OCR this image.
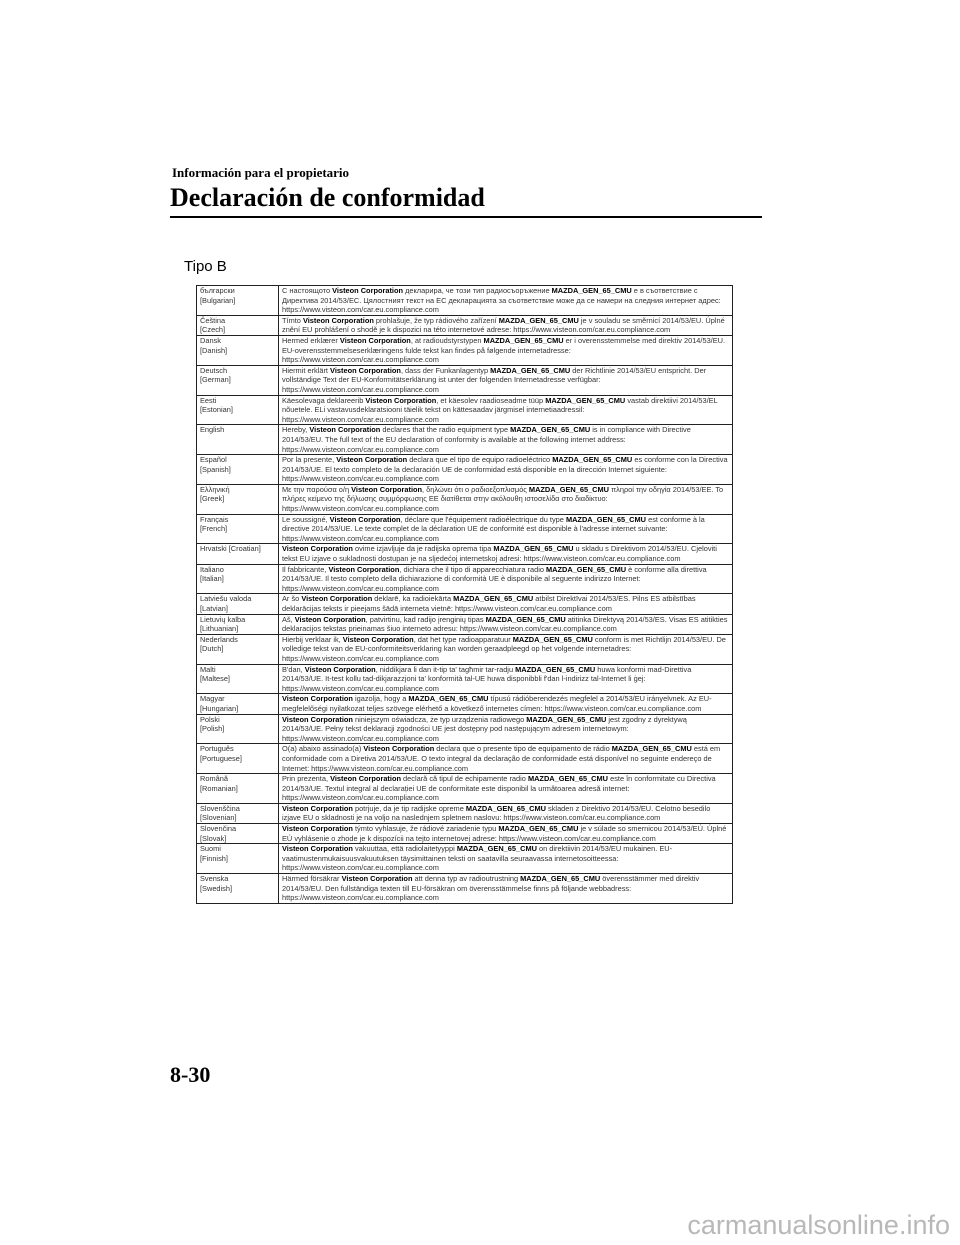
Información para el propietario
Declaración de conformidad
Tipo B
български
[Bulgarian]	С настоящото Visteon Corporation декларира, че този тип радиосъоръжение MAZDA_GEN_65_CMU е в съответствие с Директива 2014/53/ЕС. Цялостният текст на ЕС декларацията за съответствие може да се намери на следния интернет адрес: https://www.visteon.com/car.eu.compliance.com

Čeština
[Czech]	Tímto Visteon Corporation prohlašuje, že typ rádiového zařízení MAZDA_GEN_65_CMU je v souladu se směrnicí 2014/53/EU. Úplné znění EU prohlášení o shodě je k dispozici na této internetové adrese: https://www.visteon.com/car.eu.compliance.com

Dansk
[Danish]	Hermed erklærer Visteon Corporation, at radioudstyrstypen MAZDA_GEN_65_CMU er i overensstemmelse med direktiv 2014/53/EU. EU-overensstemmelseserklæringens fulde tekst kan findes på følgende internetadresse: https://www.visteon.com/car.eu.compliance.com

Deutsch
[German]	Hiermit erklärt Visteon Corporation, dass der Funkanlagentyp MAZDA_GEN_65_CMU der Richtlinie 2014/53/EU entspricht. Der vollständige Text der EU-Konformitätserklärung ist unter der folgenden Internetadresse verfügbar: https://www.visteon.com/car.eu.compliance.com

Eesti
[Estonian]	Käesolevaga deklareerib Visteon Corporation, et käesolev raadioseadme tüüp MAZDA_GEN_65_CMU vastab direktiivi 2014/53/EL nõuetele. ELi vastavusdeklaratsiooni täielik tekst on kättesaadav järgmisel internetiaadressil: https://www.visteon.com/car.eu.compliance.com

English	Hereby, Visteon Corporation declares that the radio equipment type MAZDA_GEN_65_CMU is in compliance with Directive 2014/53/EU. The full text of the EU declaration of conformity is available at the following internet address: https://www.visteon.com/car.eu.compliance.com

Español
[Spanish]	Por la presente, Visteon Corporation declara que el tipo de equipo radioeléctrico MAZDA_GEN_65_CMU es conforme con la Directiva 2014/53/UE. El texto completo de la declaración UE de conformidad está disponible en la dirección Internet siguiente: https://www.visteon.com/car.eu.compliance.com

Ελληνική
[Greek]	Με την παρούσα ο/η Visteon Corporation, δηλώνει ότι ο ραδιοεξοπλισμός MAZDA_GEN_65_CMU πληροί την οδηγία 2014/53/ΕΕ. Το πλήρες κείμενο της δήλωσης συμμόρφωσης ΕΕ διατίθεται στην ακόλουθη ιστοσελίδα στο διαδίκτυο: https://www.visteon.com/car.eu.compliance.com

Français
[French]	Le soussigné, Visteon Corporation, déclare que l'équipement radioélectrique du type MAZDA_GEN_65_CMU est conforme à la directive 2014/53/UE. Le texte complet de la déclaration UE de conformité est disponible à l'adresse internet suivante: https://www.visteon.com/car.eu.compliance.com

Hrvatski [Croatian]	Visteon Corporation ovime izjavljuje da je radijska oprema tipa MAZDA_GEN_65_CMU u skladu s Direktivom 2014/53/EU. Cjeloviti tekst EU izjave o sukladnosti dostupan je na sljedećoj internetskoj adresi: https://www.visteon.com/car.eu.compliance.com

Italiano
[Italian]	Il fabbricante, Visteon Corporation, dichiara che il tipo di apparecchiatura radio MAZDA_GEN_65_CMU è conforme alla direttiva 2014/53/UE. Il testo completo della dichiarazione di conformità UE è disponibile al seguente indirizzo Internet: https://www.visteon.com/car.eu.compliance.com

Latviešu valoda
[Latvian]	Ar šo Visteon Corporation deklarē, ka radioiekārta MAZDA_GEN_65_CMU atbilst Direktīvai 2014/53/ES. Pilns ES atbilstības deklarācijas teksts ir pieejams šādā interneta vietnē: https://www.visteon.com/car.eu.compliance.com

Lietuvių kalba
[Lithuanian]	Aš, Visteon Corporation, patvirtinu, kad radijo įrenginių tipas MAZDA_GEN_65_CMU atitinka Direktyvą 2014/53/ES. Visas ES atitikties deklaracijos tekstas prieinamas šiuo interneto adresu: https://www.visteon.com/car.eu.compliance.com

Nederlands
[Dutch]	Hierbij verklaar ik, Visteon Corporation, dat het type radioapparatuur MAZDA_GEN_65_CMU conform is met Richtlijn 2014/53/EU. De volledige tekst van de EU-conformiteitsverklaring kan worden geraadpleegd op het volgende internetadres: https://www.visteon.com/car.eu.compliance.com

Malti
[Maltese]	B'dan, Visteon Corporation, niddikjara li dan it-tip ta' tagħmir tar-radju MAZDA_GEN_65_CMU huwa konformi mad-Direttiva 2014/53/UE. It-test kollu tad-dikjarazzjoni ta' konformità tal-UE huwa disponibbli f'dan l-indirizz tal-Internet li ġej: https://www.visteon.com/car.eu.compliance.com

Magyar
[Hungarian]	Visteon Corporation igazolja, hogy a MAZDA_GEN_65_CMU típusú rádióberendezés megfelel a 2014/53/EU irányelvnek. Az EU-megfelelőségi nyilatkozat teljes szövege elérhető a következő internetes címen: https://www.visteon.com/car.eu.compliance.com

Polski
[Polish]	Visteon Corporation niniejszym oświadcza, że typ urządzenia radiowego MAZDA_GEN_65_CMU jest zgodny z dyrektywą 2014/53/UE. Pełny tekst deklaracji zgodności UE jest dostępny pod następującym adresem internetowym: https://www.visteon.com/car.eu.compliance.com

Português
[Portuguese]	O(a) abaixo assinado(a) Visteon Corporation declara que o presente tipo de equipamento de rádio MAZDA_GEN_65_CMU está em conformidade com a Diretiva 2014/53/UE. O texto integral da declaração de conformidade está disponível no seguinte endereço de Internet: https://www.visteon.com/car.eu.compliance.com

Română
[Romanian]	Prin prezenta, Visteon Corporation declară că tipul de echipamente radio MAZDA_GEN_65_CMU este în conformitate cu Directiva 2014/53/UE. Textul integral al declarației UE de conformitate este disponibil la următoarea adresă internet: https://www.visteon.com/car.eu.compliance.com

Slovenščina
[Slovenian]	Visteon Corporation potrjuje, da je tip radijske opreme MAZDA_GEN_65_CMU skladen z Direktivo 2014/53/EU. Celotno besedilo izjave EU o skladnosti je na voljo na naslednjem spletnem naslovu: https://www.visteon.com/car.eu.compliance.com

Slovenčina
[Slovak]	Visteon Corporation týmto vyhlasuje, že rádiové zariadenie typu MAZDA_GEN_65_CMU je v súlade so smernicou 2014/53/EÚ. Úplné EÚ vyhlásenie o zhode je k dispozícii na tejto internetovej adrese: https://www.visteon.com/car.eu.compliance.com

Suomi
[Finnish]	Visteon Corporation vakuuttaa, että radiolaitetyyppi MAZDA_GEN_65_CMU on direktiivin 2014/53/EU mukainen. EU-vaatimustenmukaisuusvakuutuksen täysimittainen teksti on saatavilla seuraavassa internetosoitteessa: https://www.visteon.com/car.eu.compliance.com

Svenska
[Swedish]	Härmed försäkrar Visteon Corporation att denna typ av radioutrustning MAZDA_GEN_65_CMU överensstämmer med direktiv 2014/53/EU. Den fullständiga texten till EU-försäkran om överensstämmelse finns på följande webbadress: https://www.visteon.com/car.eu.compliance.com
8-30
carmanualsonline.info
